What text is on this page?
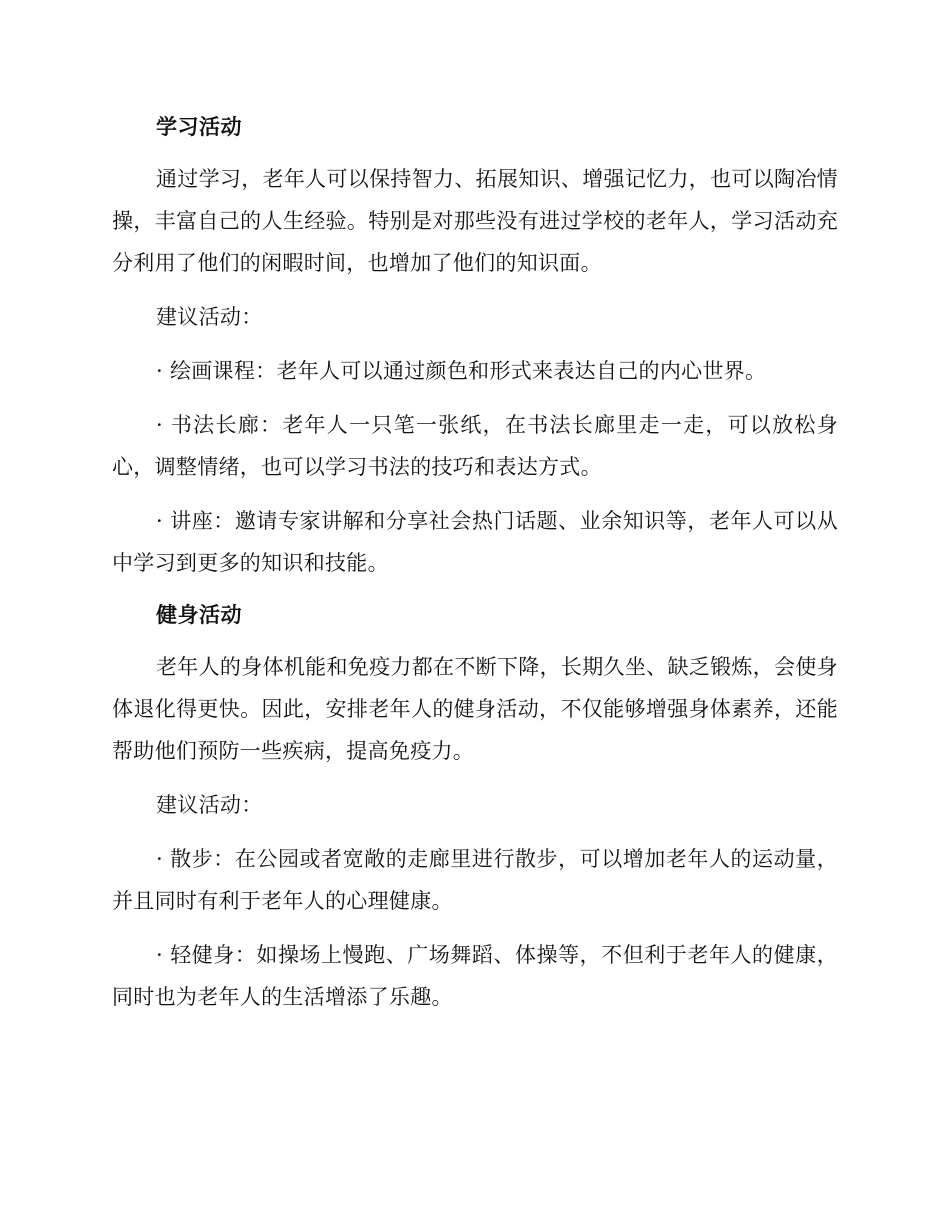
学习活动

通过学习，老年人可以保持智力、拓展知识、增强记忆力，也可以陶冶情操，丰富自己的人生经验。特别是对那些没有进过学校的老年人，学习活动充分利用了他们的闲暇时间，也增加了他们的知识面。

建议活动：

· 绘画课程：老年人可以通过颜色和形式来表达自己的内心世界。

· 书法长廊：老年人一只笔一张纸，在书法长廊里走一走，可以放松身心，调整情绪，也可以学习书法的技巧和表达方式。

· 讲座：邀请专家讲解和分享社会热门话题、业余知识等，老年人可以从中学习到更多的知识和技能。

健身活动

老年人的身体机能和免疫力都在不断下降，长期久坐、缺乏锻炼，会使身体退化得更快。因此，安排老年人的健身活动，不仅能够增强身体素养，还能帮助他们预防一些疾病，提高免疫力。

建议活动：

· 散步：在公园或者宽敞的走廊里进行散步，可以增加老年人的运动量，并且同时有利于老年人的心理健康。

· 轻健身：如操场上慢跑、广场舞蹈、体操等，不但利于老年人的健康，同时也为老年人的生活增添了乐趣。
